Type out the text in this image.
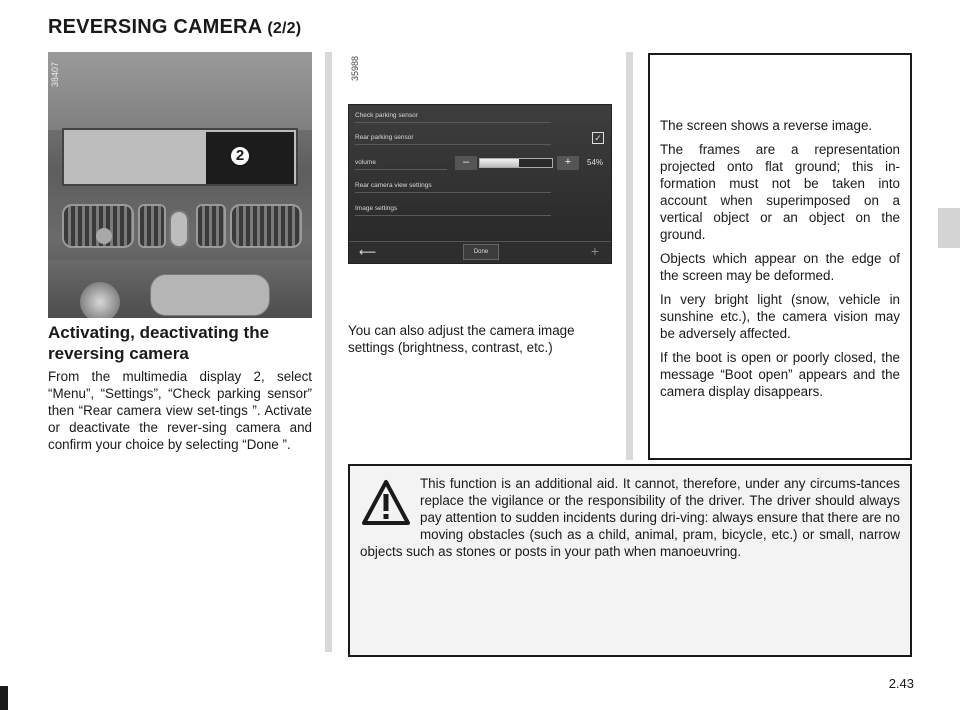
REVERSING CAMERA (2/2)
38407
2
Activating, deactivating the reversing camera
From the multimedia display 2, select “Menu”, “Settings”, “Check parking sensor” then “Rear camera view set-tings ”. Activate or deactivate the rever-sing camera and confirm your choice by selecting “Done ”.
35988
Check parking sensor
Rear parking sensor	✓
volume	–	+	54%
Rear camera view settings
Image settings
⟵	Done	+
You can also adjust the camera image settings (brightness, contrast, etc.)

The screen shows a reverse image.

The frames are a representation projected onto flat ground; this in-formation must not be taken into account when superimposed on a vertical object or an object on the ground.

Objects which appear on the edge of the screen may be deformed.

In very bright light (snow, vehicle in sunshine etc.), the camera vision may be adversely affected.

If the boot is open or poorly closed, the message “Boot open” appears and the camera display disappears.

This function is an additional aid. It cannot, therefore, under any circums-tances replace the vigilance or the responsibility of the driver. The driver should always pay attention to sudden incidents during dri-ving: always ensure that there are no moving obstacles (such as a child, animal, pram, bicycle, etc.) or small, narrow objects such as stones or posts in your path when manoeuvring.
2.43
